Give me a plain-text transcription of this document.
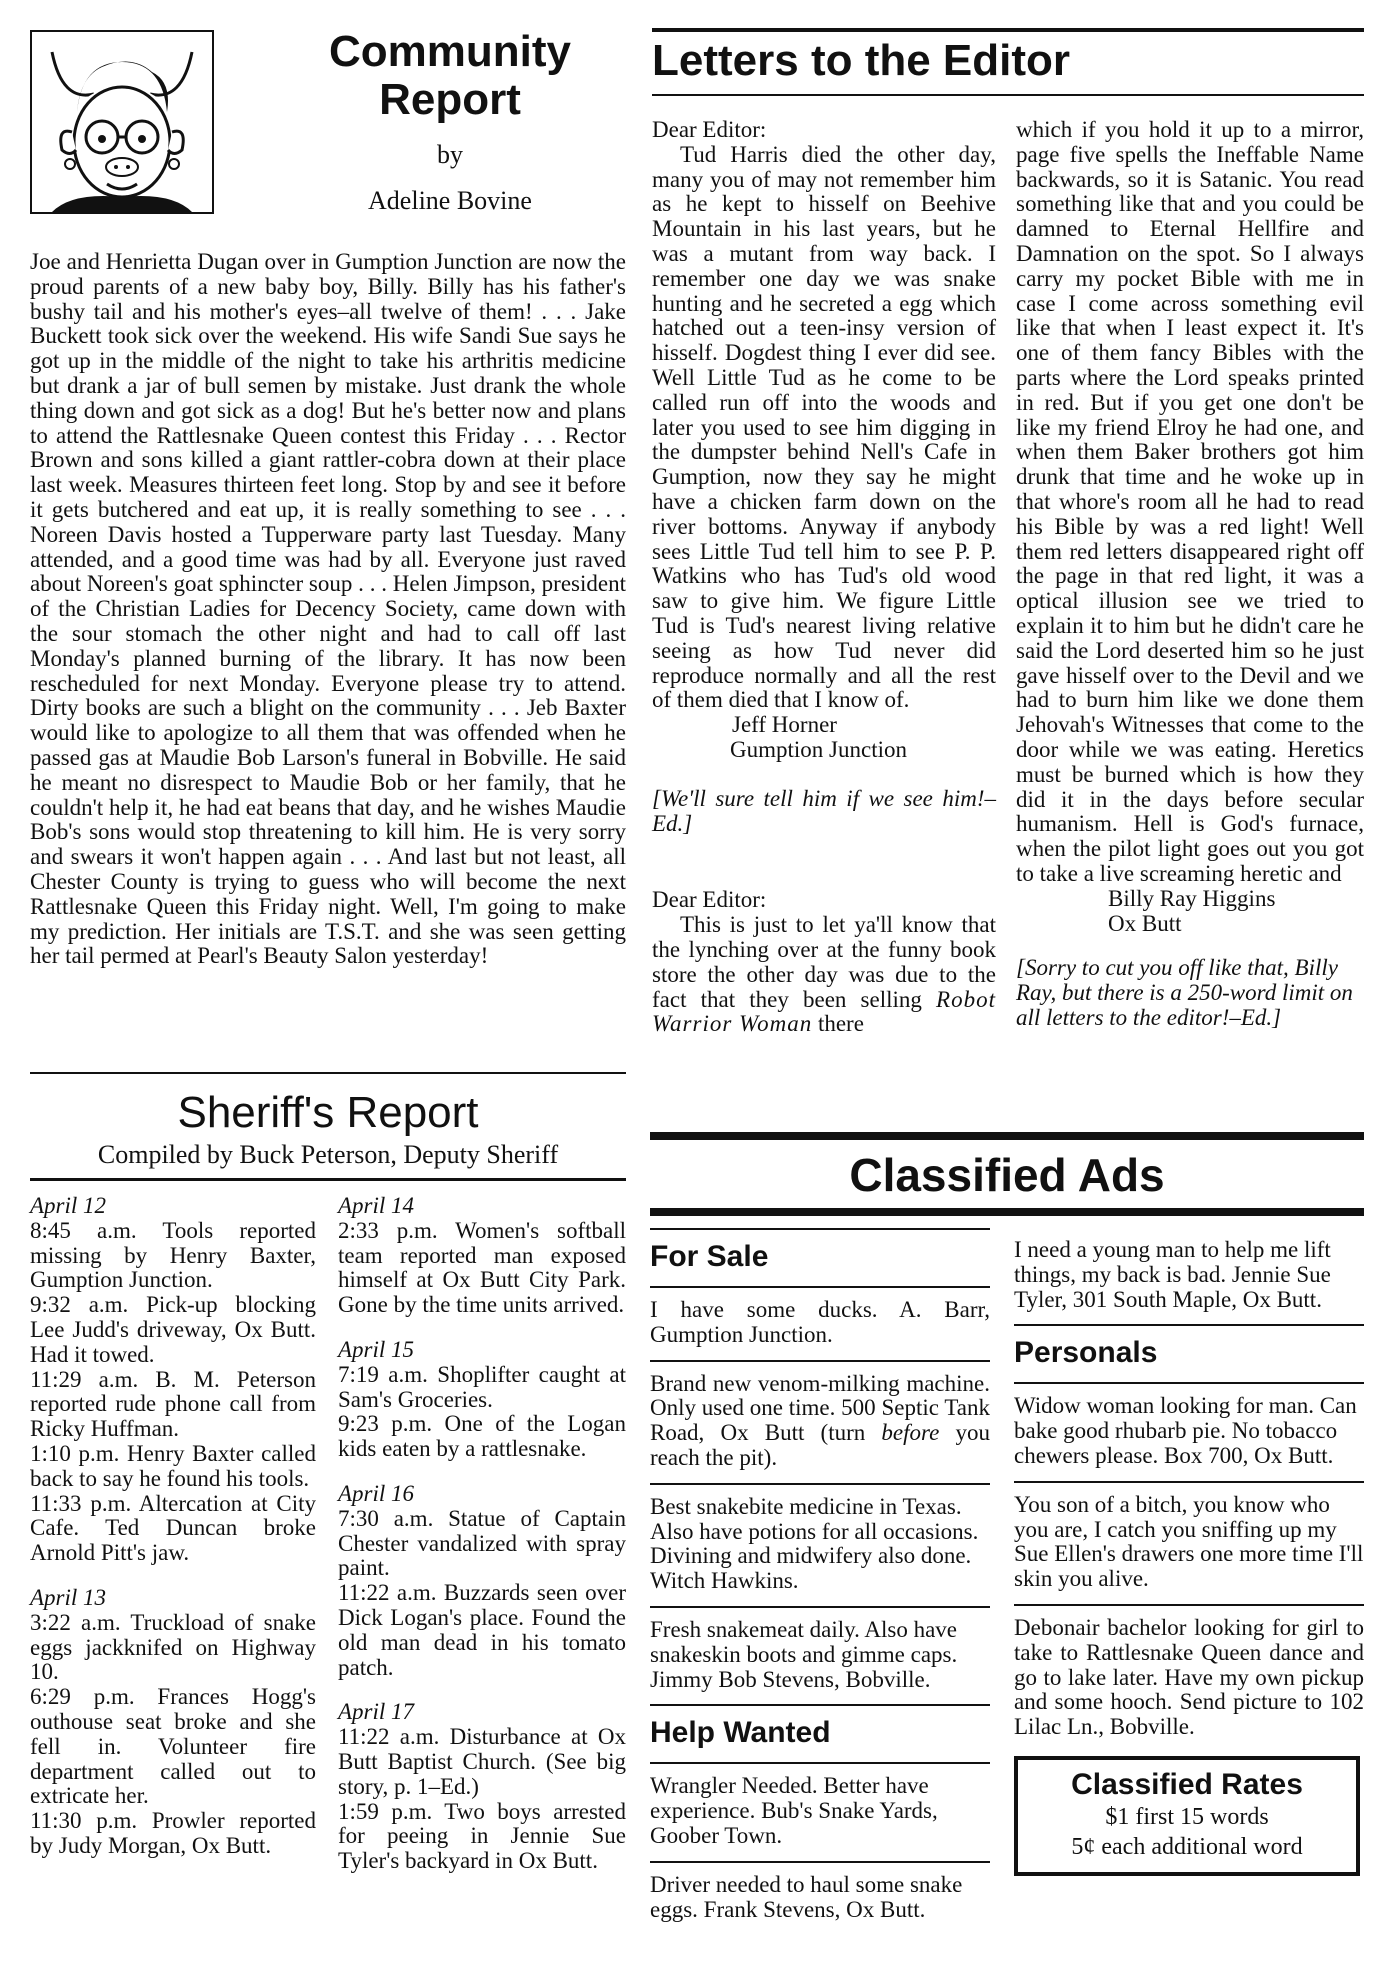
Community
Report
by
Adeline Bovine

Joe and Henrietta Dugan over in Gumption Junction are now the proud parents of a new baby boy, Billy. Billy has his father's bushy tail and his mother's eyes–all twelve of them! . . . Jake Buckett took sick over the weekend. His wife Sandi Sue says he got up in the middle of the night to take his arthritis medicine but drank a jar of bull semen by mistake. Just drank the whole thing down and got sick as a dog! But he's better now and plans to attend the Rattlesnake Queen contest this Friday . . . Rector Brown and sons killed a giant rattler-cobra down at their place last week. Measures thirteen feet long. Stop by and see it before it gets butchered and eat up, it is really something to see . . . Noreen Davis hosted a Tupperware party last Tuesday. Many attended, and a good time was had by all. Everyone just raved about Noreen's goat sphincter soup . . . Helen Jimpson, president of the Christian Ladies for Decency Society, came down with the sour stomach the other night and had to call off last Monday's planned burning of the library. It has now been rescheduled for next Monday. Everyone please try to attend. Dirty books are such a blight on the community . . . Jeb Baxter would like to apologize to all them that was offended when he passed gas at Maudie Bob Larson's funeral in Bobville. He said he meant no disrespect to Maudie Bob or her family, that he couldn't help it, he had eat beans that day, and he wishes Maudie Bob's sons would stop threatening to kill him. He is very sorry and swears it won't happen again . . . And last but not least, all Chester County is trying to guess who will become the next Rattlesnake Queen this Friday night. Well, I'm going to make my prediction. Her initials are T.S.T. and she was seen getting her tail permed at Pearl's Beauty Salon yesterday!

Sheriff's Report
Compiled by Buck Peterson, Deputy Sheriff
April 12

8:45 a.m. Tools reported missing by Henry Baxter, Gumption Junction.

9:32 a.m. Pick-up blocking Lee Judd's driveway, Ox Butt. Had it towed.

11:29 a.m. B. M. Peterson reported rude phone call from Ricky Huffman.

1:10 p.m. Henry Baxter called back to say he found his tools.

11:33 p.m. Altercation at City Cafe. Ted Duncan broke Arnold Pitt's jaw.

April 13

3:22 a.m. Truckload of snake eggs jackknifed on Highway 10.

6:29 p.m. Frances Hogg's outhouse seat broke and she fell in. Volunteer fire department called out to extricate her.

11:30 p.m. Prowler reported by Judy Morgan, Ox Butt.

April 14

2:33 p.m. Women's softball team reported man exposed himself at Ox Butt City Park. Gone by the time units arrived.

April 15

7:19 a.m. Shoplifter caught at Sam's Groceries.

9:23 p.m. One of the Logan kids eaten by a rattlesnake.

April 16

7:30 a.m. Statue of Captain Chester vandalized with spray paint.

11:22 a.m. Buzzards seen over Dick Logan's place. Found the old man dead in his tomato patch.

April 17

11:22 a.m. Disturbance at Ox Butt Baptist Church. (See big story, p. 1–Ed.)

1:59 p.m. Two boys arrested for peeing in Jennie Sue Tyler's backyard in Ox Butt.

Letters to the Editor
Dear Editor:

Tud Harris died the other day, many you of may not remember him as he kept to hisself on Beehive Mountain in his last years, but he was a mutant from way back. I remember one day we was snake hunting and he secreted a egg which hatched out a teen-insy version of hisself. Dogdest thing I ever did see. Well Little Tud as he come to be called run off into the woods and later you used to see him digging in the dumpster behind Nell's Cafe in Gumption, now they say he might have a chicken farm down on the river bottoms. Anyway if anybody sees Little Tud tell him to see P. P. Watkins who has Tud's old wood saw to give him. We figure Little Tud is Tud's nearest living relative seeing as how Tud never did reproduce normally and all the rest of them died that I know of.

Jeff Horner
Gumption Junction

[We'll sure tell him if we see him!–Ed.]

Dear Editor:

This is just to let ya'll know that the lynching over at the funny book store the other day was due to the fact that they been selling Robot Warrior Woman there

which if you hold it up to a mirror, page five spells the Ineffable Name backwards, so it is Satanic. You read something like that and you could be damned to Eternal Hellfire and Damnation on the spot. So I always carry my pocket Bible with me in case I come across something evil like that when I least expect it. It's one of them fancy Bibles with the parts where the Lord speaks printed in red. But if you get one don't be like my friend Elroy he had one, and when them Baker brothers got him drunk that time and he woke up in that whore's room all he had to read his Bible by was a red light! Well them red letters disappeared right off the page in that red light, it was a optical illusion see we tried to explain it to him but he didn't care he said the Lord deserted him so he just gave hisself over to the Devil and we had to burn him like we done them Jehovah's Witnesses that come to the door while we was eating. Heretics must be burned which is how they did it in the days before secular humanism. Hell is God's furnace, when the pilot light goes out you got to take a live screaming heretic and

Billy Ray Higgins
Ox Butt

[Sorry to cut you off like that, Billy Ray, but there is a 250-word limit on all letters to the editor!–Ed.]

Classified Ads
For Sale

I have some ducks. A. Barr, Gumption Junction.

Brand new venom-milking machine. Only used one time. 500 Septic Tank Road, Ox Butt (turn before you reach the pit).

Best snakebite medicine in Texas. Also have potions for all occasions. Divining and midwifery also done. Witch Hawkins.

Fresh snakemeat daily. Also have snakeskin boots and gimme caps. Jimmy Bob Stevens, Bobville.

Help Wanted

Wrangler Needed. Better have experience. Bub's Snake Yards, Goober Town.

Driver needed to haul some snake eggs. Frank Stevens, Ox Butt.

I need a young man to help me lift things, my back is bad. Jennie Sue Tyler, 301 South Maple, Ox Butt.

Personals

Widow woman looking for man. Can bake good rhubarb pie. No tobacco chewers please. Box 700, Ox Butt.

You son of a bitch, you know who you are, I catch you sniffing up my Sue Ellen's drawers one more time I'll skin you alive.

Debonair bachelor looking for girl to take to Rattlesnake Queen dance and go to lake later. Have my own pickup and some hooch. Send picture to 102 Lilac Ln., Bobville.

Classified Rates
$1 first 15 words
5¢ each additional word
